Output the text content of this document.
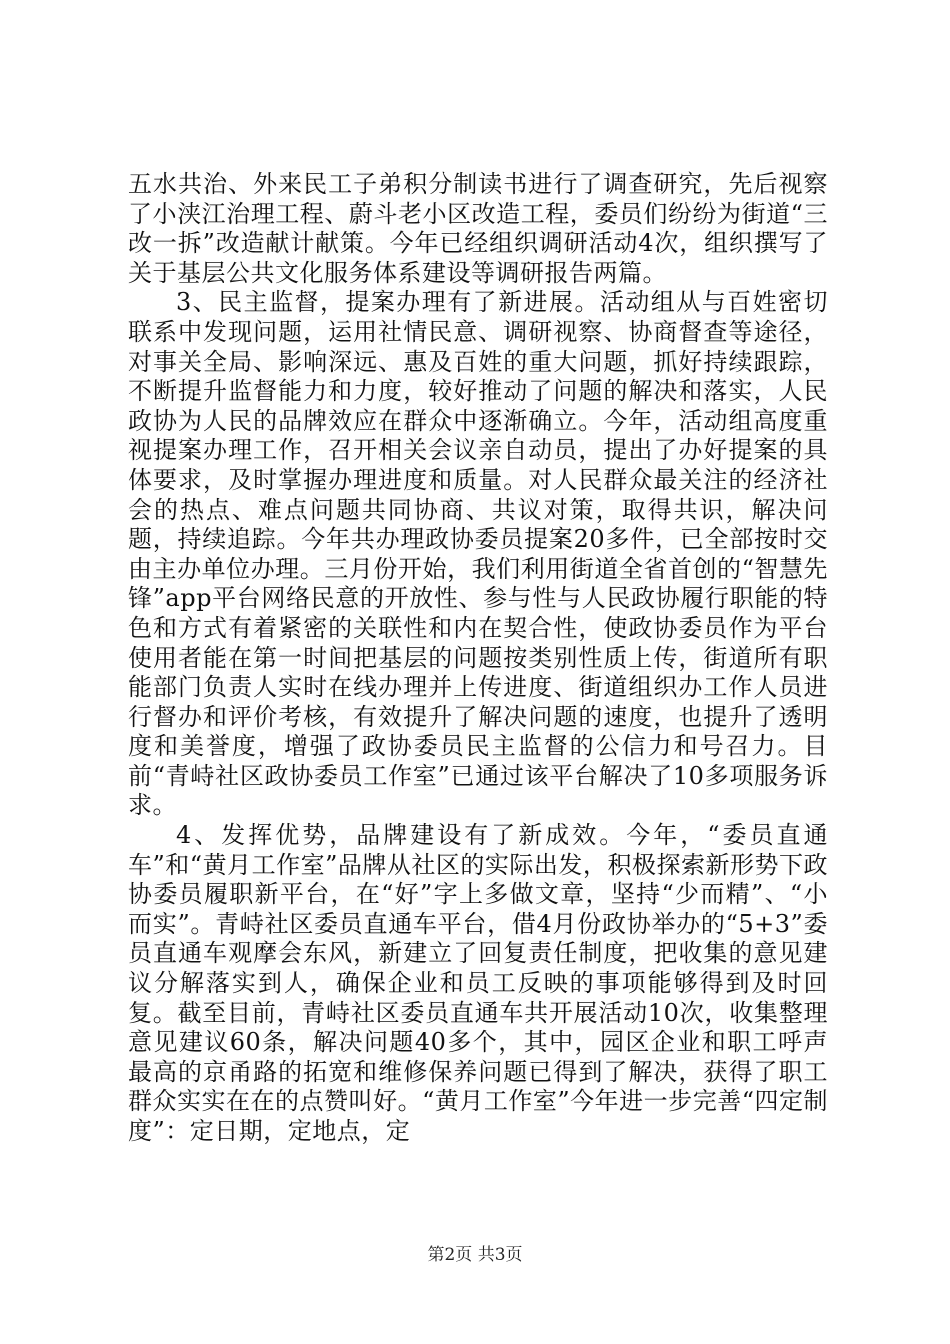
五水共治、外来民工子弟积分制读书进行了调查研究，先后视察了小浃江治理工程、蔚斗老小区改造工程，委员们纷纷为街道“三改一拆”改造献计献策。今年已经组织调研活动4次，组织撰写了关于基层公共文化服务体系建设等调研报告两篇。

3、民主监督，提案办理有了新进展。活动组从与百姓密切联系中发现问题，运用社情民意、调研视察、协商督查等途径，对事关全局、影响深远、惠及百姓的重大问题，抓好持续跟踪，不断提升监督能力和力度，较好推动了问题的解决和落实，人民政协为人民的品牌效应在群众中逐渐确立。今年，活动组高度重视提案办理工作，召开相关会议亲自动员，提出了办好提案的具体要求，及时掌握办理进度和质量。对人民群众最关注的经济社会的热点、难点问题共同协商、共议对策，取得共识，解决问题，持续追踪。今年共办理政协委员提案20多件，已全部按时交由主办单位办理。三月份开始，我们利用街道全省首创的“智慧先锋”app平台网络民意的开放性、参与性与人民政协履行职能的特色和方式有着紧密的关联性和内在契合性，使政协委员作为平台使用者能在第一时间把基层的问题按类别性质上传，街道所有职能部门负责人实时在线办理并上传进度、街道组织办工作人员进行督办和评价考核，有效提升了解决问题的速度，也提升了透明度和美誉度，增强了政协委员民主监督的公信力和号召力。目前“青峙社区政协委员工作室”已通过该平台解决了10多项服务诉求。

4、发挥优势，品牌建设有了新成效。今年，“委员直通车”和“黄月工作室”品牌从社区的实际出发，积极探索新形势下政协委员履职新平台，在“好”字上多做文章，坚持“少而精”、“小而实”。青峙社区委员直通车平台，借4月份政协举办的“5+3”委员直通车观摩会东风，新建立了回复责任制度，把收集的意见建议分解落实到人，确保企业和员工反映的事项能够得到及时回复。截至目前，青峙社区委员直通车共开展活动10次，收集整理意见建议60条，解决问题40多个，其中，园区企业和职工呼声最高的京甬路的拓宽和维修保养问题已得到了解决，获得了职工群众实实在在的点赞叫好。“黄月工作室”今年进一步完善“四定制度”：定日期，定地点，定

第2页 共3页
